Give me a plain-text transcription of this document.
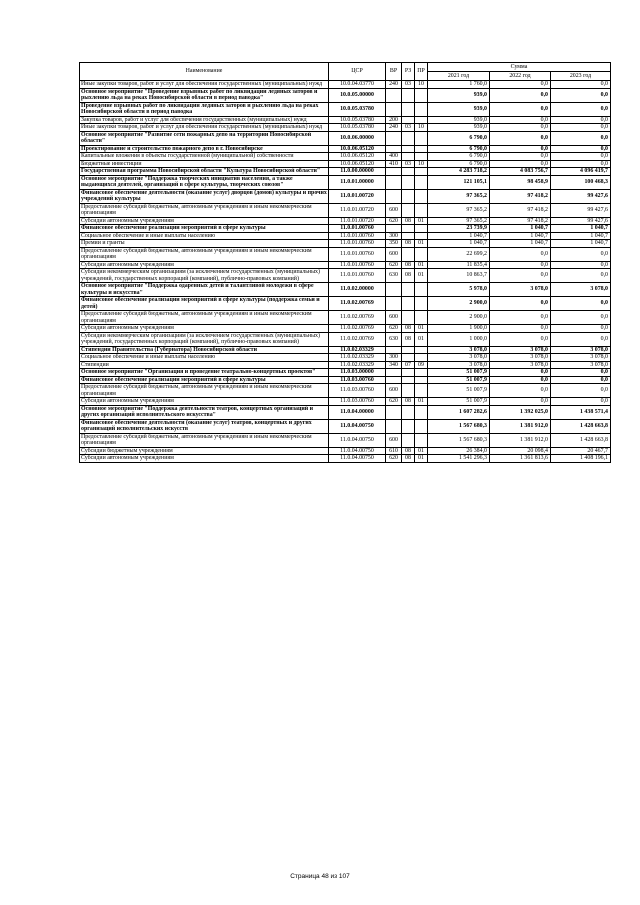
Наименование	ЦСР	ВР	РЗ	ПР	Сумма		
					2021 год	2022 год	2023 год
Иные закупки товаров, работ и услуг для обеспечения государственных (муниципальных) нужд	10.0.04.03770	240	03	10	1 760,0	0,0	0,0
Основное мероприятие "Проведение взрывных работ по ликвидации ледяных заторов и рыхлению льда на реках Новосибирской области в период паводка"	10.0.05.00000				939,0	0,0	0,0
Проведение взрывных работ по ликвидации ледяных заторов и рыхлению льда на реках Новосибирской области в период паводка	10.0.05.03780				939,0	0,0	0,0
Закупка товаров, работ и услуг для обеспечения государственных (муниципальных) нужд	10.0.05.03780	200			939,0	0,0	0,0
Иные закупки товаров, работ и услуг для обеспечения государственных (муниципальных) нужд	10.0.05.03780	240	03	10	939,0	0,0	0,0
Основное мероприятие "Развитие сети пожарных депо на территории Новосибирской области"	10.0.06.00000				6 790,0	0,0	0,0
Проектирование и строительство пожарного депо в г. Новосибирске	10.0.06.05120				6 790,0	0,0	0,0
Капитальные вложения в объекты государственной (муниципальной) собственности	10.0.06.05120	400			6 790,0	0,0	0,0
Бюджетные инвестиции	10.0.06.05120	410	03	10	6 790,0	0,0	0,0
Государственная программа Новосибирской области "Культура Новосибирской области"	11.0.00.00000				4 283 718,2	4 083 756,7	4 096 419,7
Основное мероприятие "Поддержка творческих инициатив населения, а также выдающихся деятелей, организаций в сфере культуры, творческих союзов"	11.0.01.00000				121 105,1	98 458,9	100 468,3
Финансовое обеспечение деятельности (оказание услуг) дворцов (домов) культуры и прочих учреждений культуры	11.0.01.00720				97 365,2	97 418,2	99 427,6
Предоставление субсидий бюджетным, автономным учреждениям и иным некоммерческим организациям	11.0.01.00720	600			97 365,2	97 418,2	99 427,6
Субсидии автономным учреждениям	11.0.01.00720	620	08	01	97 365,2	97 418,2	99 427,6
Финансовое обеспечение реализации мероприятий в сфере культуры	11.0.01.00760				23 739,9	1 040,7	1 040,7
Социальное обеспечение и иные выплаты населению	11.0.01.00760	300			1 040,7	1 040,7	1 040,7
Премии и гранты	11.0.01.00760	350	08	01	1 040,7	1 040,7	1 040,7
Предоставление субсидий бюджетным, автономным учреждениям и иным некоммерческим организациям	11.0.01.00760	600			22 699,2	0,0	0,0
Субсидии автономным учреждениям	11.0.01.00760	620	08	01	11 835,4	0,0	0,0
Субсидии некоммерческим организациям (за исключением государственных (муниципальных) учреждений, государственных корпораций (компаний), публично-правовых компаний)	11.0.01.00760	630	08	01	10 863,7	0,0	0,0
Основное мероприятие "Поддержка одаренных детей и талантливой молодежи в сфере культуры и искусства"	11.0.02.00000				5 978,0	3 078,0	3 078,0
Финансовое обеспечение реализации мероприятий в сфере культуры (поддержка семьи и детей)	11.0.02.00769				2 900,0	0,0	0,0
Предоставление субсидий бюджетным, автономным учреждениям и иным некоммерческим организациям	11.0.02.00769	600			2 900,0	0,0	0,0
Субсидии автономным учреждениям	11.0.02.00769	620	08	01	1 900,0	0,0	0,0
Субсидии некоммерческим организациям (за исключением государственных (муниципальных) учреждений, государственных корпораций (компаний), публично-правовых компаний)	11.0.02.00769	630	08	01	1 000,0	0,0	0,0
Стипендии Правительства (Губернатора) Новосибирской области	11.0.02.03329				3 078,0	3 078,0	3 078,0
Социальное обеспечение и иные выплаты населению	11.0.02.03329	300			3 078,0	3 078,0	3 078,0
Стипендии	11.0.02.03329	340	07	09	3 078,0	3 078,0	3 078,0
Основное мероприятие "Организация и проведение театрально-концертных проектов"	11.0.03.00000				51 007,9	0,0	0,0
Финансовое обеспечение реализации мероприятий в сфере культуры	11.0.03.00760				51 007,9	0,0	0,0
Предоставление субсидий бюджетным, автономным учреждениям и иным некоммерческим организациям	11.0.03.00760	600			51 007,9	0,0	0,0
Субсидии автономным учреждениям	11.0.03.00760	620	08	01	51 007,9	0,0	0,0
Основное мероприятие "Поддержка деятельности театров, концертных организаций и других организаций исполнительского искусства"	11.0.04.00000				1 607 282,6	1 392 025,0	1 438 571,4
Финансовое обеспечение деятельности (оказание услуг) театров, концертных и других организаций исполнительских искусств	11.0.04.00750				1 567 680,3	1 381 912,0	1 428 663,8
Предоставление субсидий бюджетным, автономным учреждениям и иным некоммерческим организациям	11.0.04.00750	600			1 567 680,3	1 381 912,0	1 428 663,8
Субсидии бюджетным учреждениям	11.0.04.00750	610	08	01	26 384,0	20 098,4	20 467,7
Субсидии автономным учреждениям	11.0.04.00750	620	08	01	1 541 296,3	1 361 813,6	1 408 196,1
Страница 48 из 107
